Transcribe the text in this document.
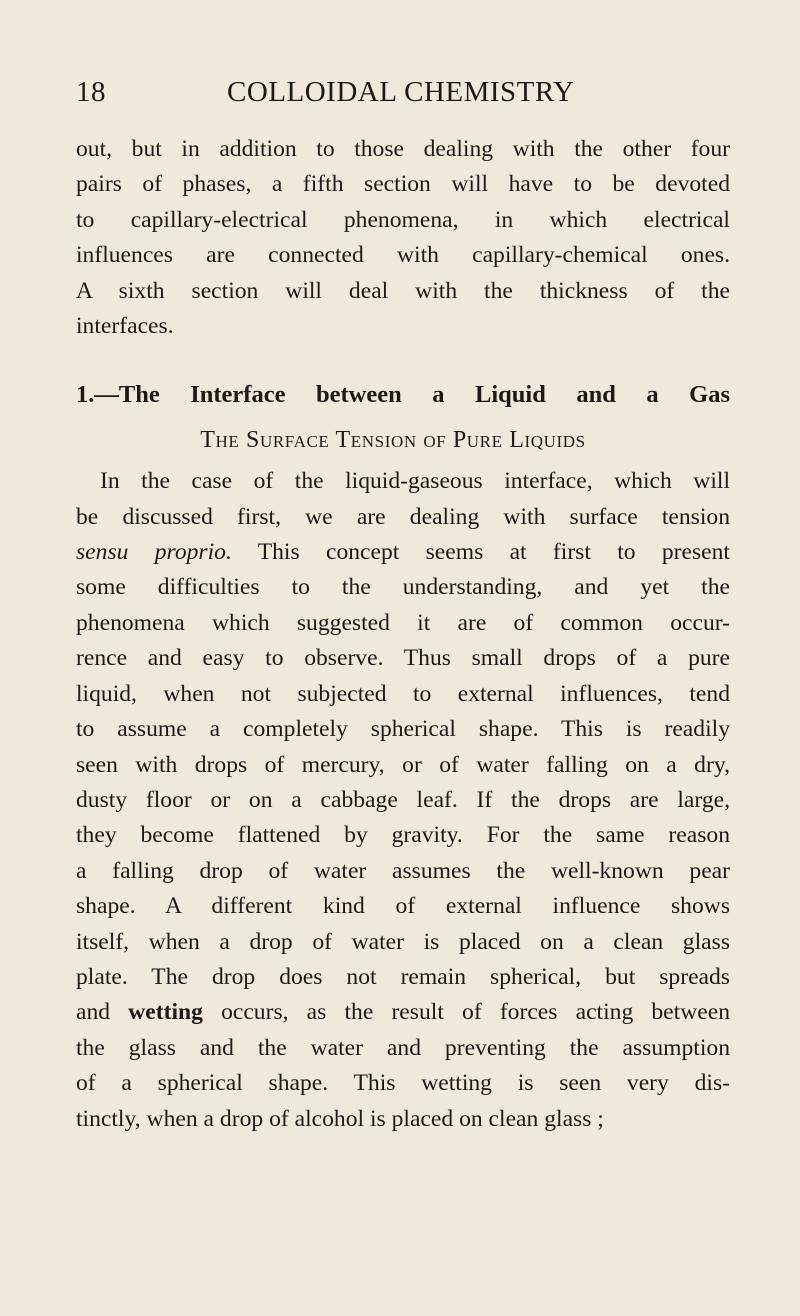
18	COLLOIDAL CHEMISTRY
out, but in addition to those dealing with the other four
pairs of phases, a fifth section will have to be devoted
to capillary-electrical phenomena, in which electrical
influences are connected with capillary-chemical ones.
A sixth section will deal with the thickness of the
interfaces.
1.—The Interface between a Liquid and a Gas
The Surface Tension of Pure Liquids
In the case of the liquid-gaseous interface, which will
be discussed first, we are dealing with surface tension
sensu proprio. This concept seems at first to present
some difficulties to the understanding, and yet the
phenomena which suggested it are of common occur-
rence and easy to observe. Thus small drops of a pure
liquid, when not subjected to external influences, tend
to assume a completely spherical shape. This is readily
seen with drops of mercury, or of water falling on a dry,
dusty floor or on a cabbage leaf. If the drops are large,
they become flattened by gravity. For the same reason
a falling drop of water assumes the well-known pear
shape. A different kind of external influence shows
itself, when a drop of water is placed on a clean glass
plate. The drop does not remain spherical, but spreads
and wetting occurs, as the result of forces acting between
the glass and the water and preventing the assumption
of a spherical shape. This wetting is seen very dis-
tinctly, when a drop of alcohol is placed on clean glass ;
